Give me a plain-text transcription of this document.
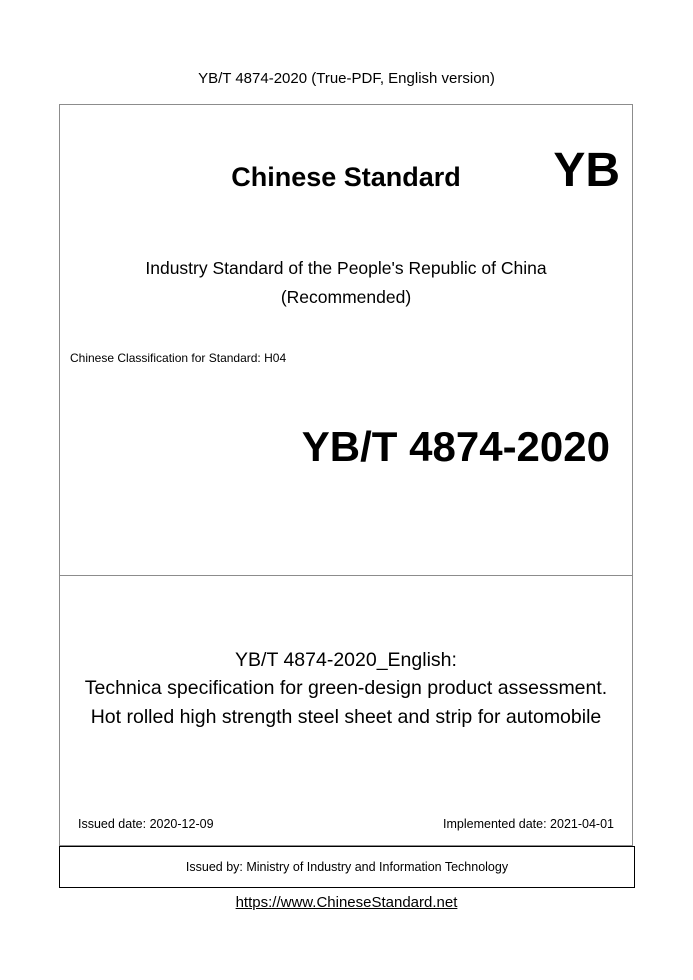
YB/T 4874-2020 (True-PDF, English version)
Chinese Standard	YB
Industry Standard of the People's Republic of China
(Recommended)
Chinese Classification for Standard: H04
YB/T 4874-2020
YB/T 4874-2020_English:
Technica specification for green-design product assessment.
Hot rolled high strength steel sheet and strip for automobile
Issued date: 2020-12-09	Implemented date: 2021-04-01
Issued by: Ministry of Industry and Information Technology
https://www.ChineseStandard.net
